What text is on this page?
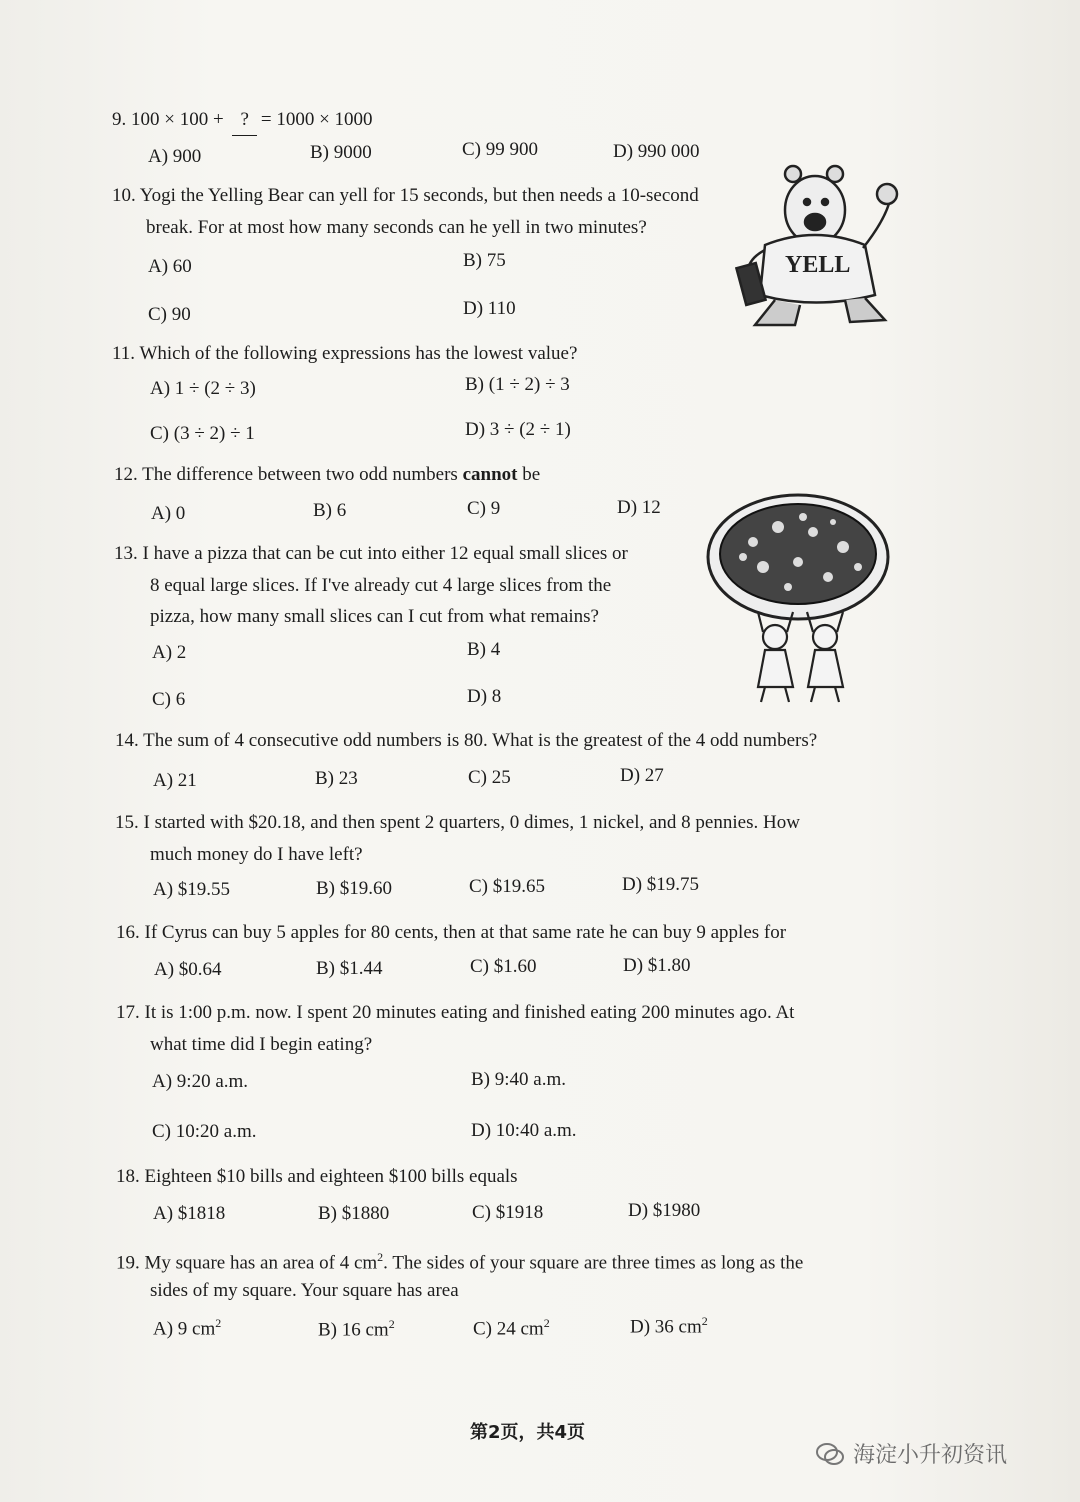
9. 100 × 100 + ? = 1000 × 1000
A) 900	B) 9000	C) 99 900	D) 990 000
10. Yogi the Yelling Bear can yell for 15 seconds, but then needs a 10-second
break. For at most how many seconds can he yell in two minutes?
A) 60	B) 75
C) 90	D) 110
YELL
11. Which of the following expressions has the lowest value?
A) 1 ÷ (2 ÷ 3)	B) (1 ÷ 2) ÷ 3
C) (3 ÷ 2) ÷ 1	D) 3 ÷ (2 ÷ 1)
12. The difference between two odd numbers cannot be
A) 0	B) 6	C) 9	D) 12
13. I have a pizza that can be cut into either 12 equal small slices or
8 equal large slices. If I've already cut 4 large slices from the
pizza, how many small slices can I cut from what remains?
A) 2	B) 4
C) 6	D) 8
14. The sum of 4 consecutive odd numbers is 80. What is the greatest of the 4 odd numbers?
A) 21	B) 23	C) 25	D) 27
15. I started with $20.18, and then spent 2 quarters, 0 dimes, 1 nickel, and 8 pennies. How
much money do I have left?
A) $19.55	B) $19.60	C) $19.65	D) $19.75
16. If Cyrus can buy 5 apples for 80 cents, then at that same rate he can buy 9 apples for
A) $0.64	B) $1.44	C) $1.60	D) $1.80
17. It is 1:00 p.m. now. I spent 20 minutes eating and finished eating 200 minutes ago. At
what time did I begin eating?
A) 9:20 a.m.	B) 9:40 a.m.
C) 10:20 a.m.	D) 10:40 a.m.
18. Eighteen $10 bills and eighteen $100 bills equals
A) $1818	B) $1880	C) $1918	D) $1980
19. My square has an area of 4 $cm^2$. The sides of your square are three times as long as the
sides of my square. Your square has area
A) 9 $cm^2$	B) 16 $cm^2$	C) 24 $cm^2$	D) 36 $cm^2$
第2页，共4页
海淀小升初资讯
